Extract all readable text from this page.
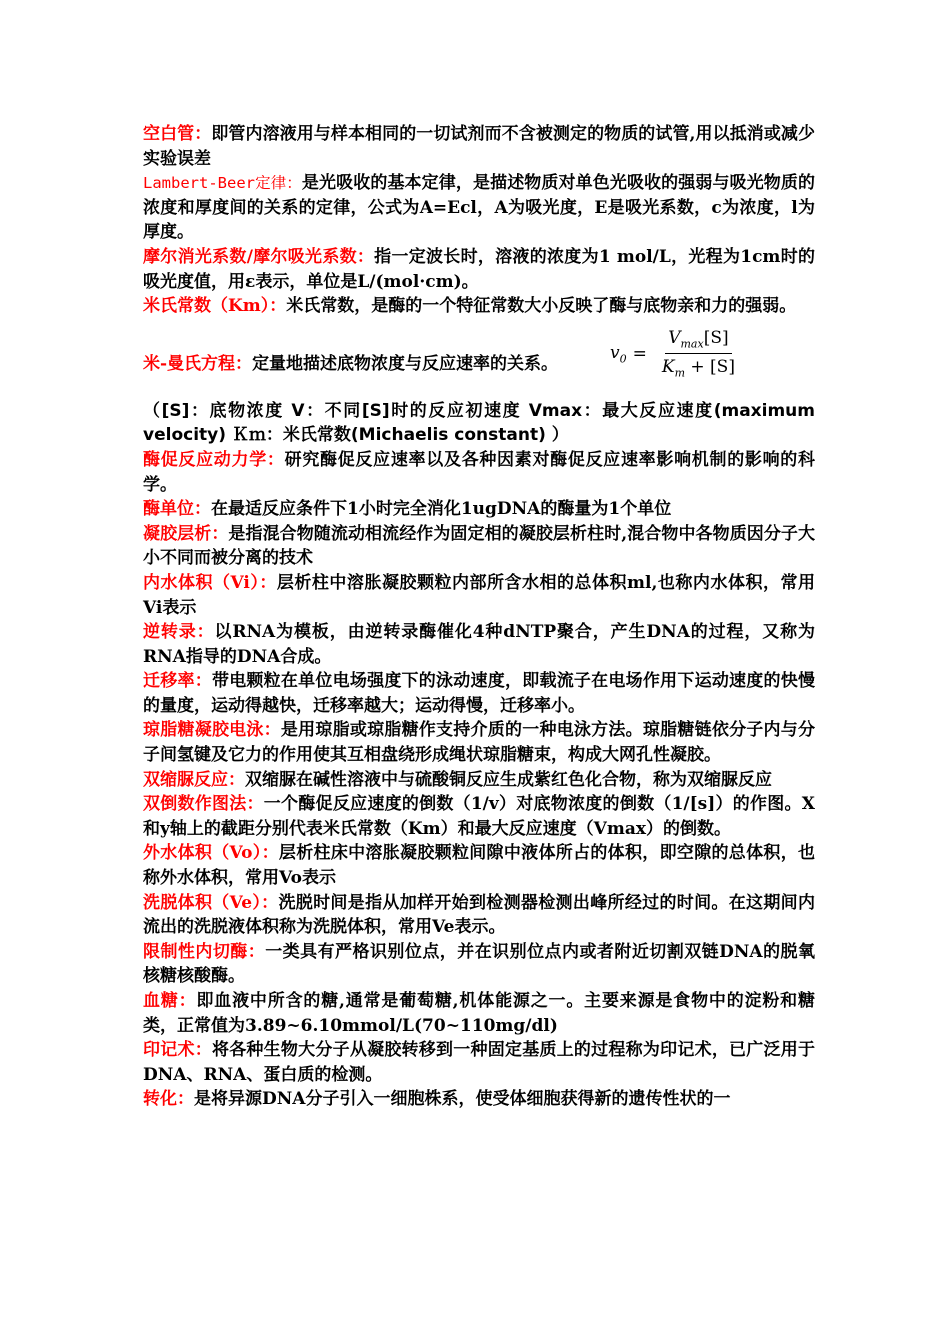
空白管：即管内溶液用与样本相同的一切试剂而不含被测定的物质的试管,用以抵消或减少实验误差

Lambert-Beer定律：是光吸收的基本定律，是描述物质对单色光吸收的强弱与吸光物质的浓度和厚度间的关系的定律，公式为A=Ecl，A为吸光度，E是吸光系数，c为浓度，l为厚度。

摩尔消光系数/摩尔吸光系数：指一定波长时，溶液的浓度为1 mol/L，光程为1cm时的吸光度值，用ε表示，单位是L/(mol·cm)。

米氏常数（Km）：米氏常数，是酶的一个特征常数大小反映了酶与底物亲和力的强弱。

米-曼氏方程：定量地描述底物浓度与反应速率的关系。

$v_0 = \frac{V_{max}[S]}{K_m + [S]}$

（[S]：底物浓度 V：不同[S]时的反应初速度 Vmax：最大反应速度(maximum velocity) Ｋｍ：米氏常数(Michaelis constant) ）

酶促反应动力学：研究酶促反应速率以及各种因素对酶促反应速率影响机制的影响的科学。

酶单位：在最适反应条件下1小时完全消化1ugDNA的酶量为1个单位

凝胶层析：是指混合物随流动相流经作为固定相的凝胶层析柱时,混合物中各物质因分子大小不同而被分离的技术

内水体积（Vi）：层析柱中溶胀凝胶颗粒内部所含水相的总体积ml,也称内水体积，常用Vi表示

逆转录：以RNA为模板，由逆转录酶催化4种dNTP聚合，产生DNA的过程，又称为RNA指导的DNA合成。

迁移率：带电颗粒在单位电场强度下的泳动速度，即载流子在电场作用下运动速度的快慢的量度，运动得越快，迁移率越大；运动得慢，迁移率小。

琼脂糖凝胶电泳：是用琼脂或琼脂糖作支持介质的一种电泳方法。琼脂糖链依分子内与分子间氢键及它力的作用使其互相盘绕形成绳状琼脂糖束，构成大网孔性凝胶。

双缩脲反应：双缩脲在碱性溶液中与硫酸铜反应生成紫红色化合物，称为双缩脲反应

双倒数作图法：一个酶促反应速度的倒数（1/v）对底物浓度的倒数（1/[s]）的作图。X和y轴上的截距分别代表米氏常数（Km）和最大反应速度（Vmax）的倒数。

外水体积（Vo）：层析柱床中溶胀凝胶颗粒间隙中液体所占的体积，即空隙的总体积，也称外水体积，常用Vo表示

洗脱体积（Ve）：洗脱时间是指从加样开始到检测器检测出峰所经过的时间。在这期间内流出的洗脱液体积称为洗脱体积，常用Ve表示。

限制性内切酶：一类具有严格识别位点，并在识别位点内或者附近切割双链DNA的脱氧核糖核酸酶。

血糖：即血液中所含的糖,通常是葡萄糖,机体能源之一。主要来源是食物中的淀粉和糖类，正常值为3.89~6.10mmol/L(70~110mg/dl)

印记术：将各种生物大分子从凝胶转移到一种固定基质上的过程称为印记术，已广泛用于DNA、RNA、蛋白质的检测。

转化：是将异源DNA分子引入一细胞株系，使受体细胞获得新的遗传性状的一
